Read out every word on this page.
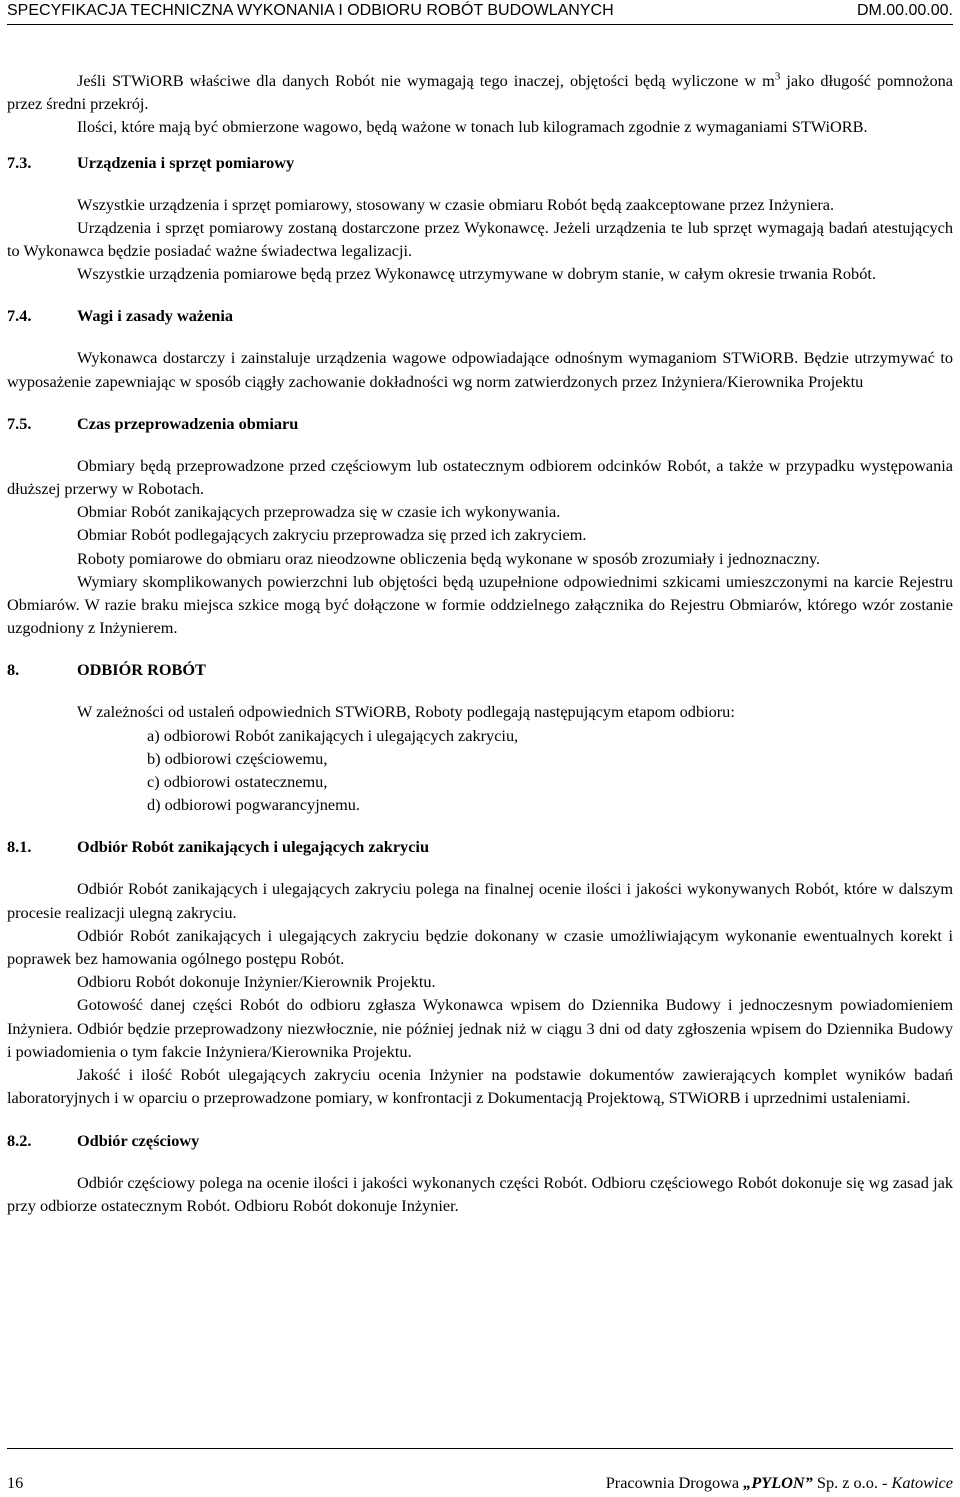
SPECYFIKACJA TECHNICZNA WYKONANIA I ODBIORU ROBÓT BUDOWLANYCH	DM.00.00.00.

Jeśli STWiORB właściwe dla danych Robót nie wymagają tego inaczej, objętości będą wyliczone w $m^3$ jako długość pomnożona przez średni przekrój.

Ilości, które mają być obmierzone wagowo, będą ważone w tonach lub kilogramach zgodnie z wymaganiami STWiORB.

7.3.	Urządzenia i sprzęt pomiarowy

Wszystkie urządzenia i sprzęt pomiarowy, stosowany w czasie obmiaru Robót będą zaakceptowane przez Inżyniera.

Urządzenia i sprzęt pomiarowy zostaną dostarczone przez Wykonawcę. Jeżeli urządzenia te lub sprzęt wymagają badań atestujących to Wykonawca będzie posiadać ważne świadectwa legalizacji.

Wszystkie urządzenia pomiarowe będą przez Wykonawcę utrzymywane w dobrym stanie, w całym okresie trwania Robót.

7.4.	Wagi i zasady ważenia

Wykonawca dostarczy i zainstaluje urządzenia wagowe odpowiadające odnośnym wymaganiom STWiORB. Będzie utrzymywać to wyposażenie zapewniając w sposób ciągły zachowanie dokładności wg norm zatwierdzonych przez Inżyniera/Kierownika Projektu

7.5.	Czas przeprowadzenia obmiaru

Obmiary będą przeprowadzone przed częściowym lub ostatecznym odbiorem odcinków Robót, a także w przypadku występowania dłuższej przerwy w Robotach.

Obmiar Robót zanikających przeprowadza się w czasie ich wykonywania.

Obmiar Robót podlegających zakryciu przeprowadza się przed ich zakryciem.

Roboty pomiarowe do obmiaru oraz nieodzowne obliczenia będą wykonane w sposób zrozumiały i jednoznaczny.

Wymiary skomplikowanych powierzchni lub objętości będą uzupełnione odpowiednimi szkicami umieszczonymi na karcie Rejestru Obmiarów. W razie braku miejsca szkice mogą być dołączone w formie oddzielnego załącznika do Rejestru Obmiarów, którego wzór zostanie uzgodniony z Inżynierem.

8.	ODBIÓR ROBÓT

W zależności od ustaleń odpowiednich STWiORB, Roboty podlegają następującym etapom odbioru:

a) odbiorowi Robót zanikających i ulegających zakryciu,

b) odbiorowi częściowemu,

c) odbiorowi ostatecznemu,

d) odbiorowi pogwarancyjnemu.

8.1.	Odbiór Robót zanikających i ulegających zakryciu

Odbiór Robót zanikających i ulegających zakryciu polega na finalnej ocenie ilości i jakości wykonywanych Robót, które w dalszym procesie realizacji ulegną zakryciu.

Odbiór Robót zanikających i ulegających zakryciu będzie dokonany w czasie umożliwiającym wykonanie ewentualnych korekt i poprawek bez hamowania ogólnego postępu Robót.

Odbioru Robót dokonuje Inżynier/Kierownik Projektu.

Gotowość danej części Robót do odbioru zgłasza Wykonawca wpisem do Dziennika Budowy i jednoczesnym powiadomieniem Inżyniera. Odbiór będzie przeprowadzony niezwłocznie, nie później jednak niż w ciągu 3 dni od daty zgłoszenia wpisem do Dziennika Budowy i powiadomienia o tym fakcie Inżyniera/Kierownika Projektu.

Jakość i ilość Robót ulegających zakryciu ocenia Inżynier na podstawie dokumentów zawierających komplet wyników badań laboratoryjnych i w oparciu o przeprowadzone pomiary, w konfrontacji z Dokumentacją Projektową, STWiORB i uprzednimi ustaleniami.

8.2.	Odbiór częściowy

Odbiór częściowy polega na ocenie ilości i jakości wykonanych części Robót. Odbioru częściowego Robót dokonuje się wg zasad jak przy odbiorze ostatecznym Robót. Odbioru Robót dokonuje Inżynier.

16	Pracownia Drogowa „PYLON” Sp. z o.o. - Katowice
